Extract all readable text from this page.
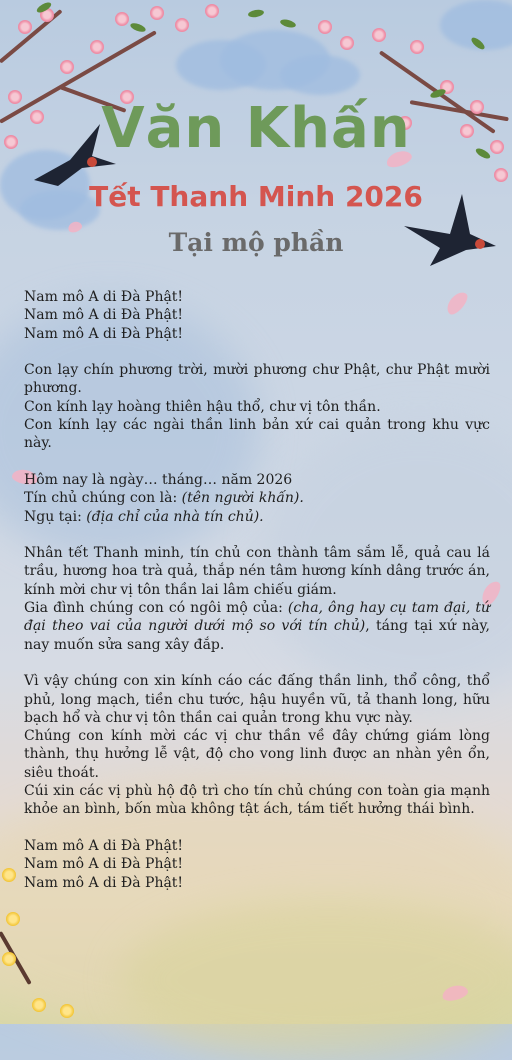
Văn Khấn
Tết Thanh Minh 2026
Tại mộ phần

Nam mô A di Đà Phật!
Nam mô A di Đà Phật!
Nam mô A di Đà Phật!

Con lạy chín phương trời, mười phương chư Phật, chư Phật mười phương.
Con kính lạy hoàng thiên hậu thổ, chư vị tôn thần.
Con kính lạy các ngài thần linh bản xứ cai quản trong khu vực này.

Hôm nay là ngày… tháng… năm 2026
Tín chủ chúng con là: (tên người khấn).
Ngụ tại: (địa chỉ của nhà tín chủ).

Nhân tết Thanh minh, tín chủ con thành tâm sắm lễ, quả cau lá trầu, hương hoa trà quả, thắp nén tâm hương kính dâng trước án, kính mời chư vị tôn thần lai lâm chiếu giám.
Gia đình chúng con có ngôi mộ của: (cha, ông hay cụ tam đại, tứ đại theo vai của người dưới mộ so với tín chủ), táng tại xứ này, nay muốn sửa sang xây đắp.

Vì vậy chúng con xin kính cáo các đấng thần linh, thổ công, thổ phủ, long mạch, tiền chu tước, hậu huyền vũ, tả thanh long, hữu bạch hổ và chư vị tôn thần cai quản trong khu vực này.
Chúng con kính mời các vị chư thần về đây chứng giám lòng thành, thụ hưởng lễ vật, độ cho vong linh được an nhàn yên ổn, siêu thoát.
Cúi xin các vị phù hộ độ trì cho tín chủ chúng con toàn gia mạnh khỏe an bình, bốn mùa không tật ách, tám tiết hưởng thái bình.

Nam mô A di Đà Phật!
Nam mô A di Đà Phật!
Nam mô A di Đà Phật!
